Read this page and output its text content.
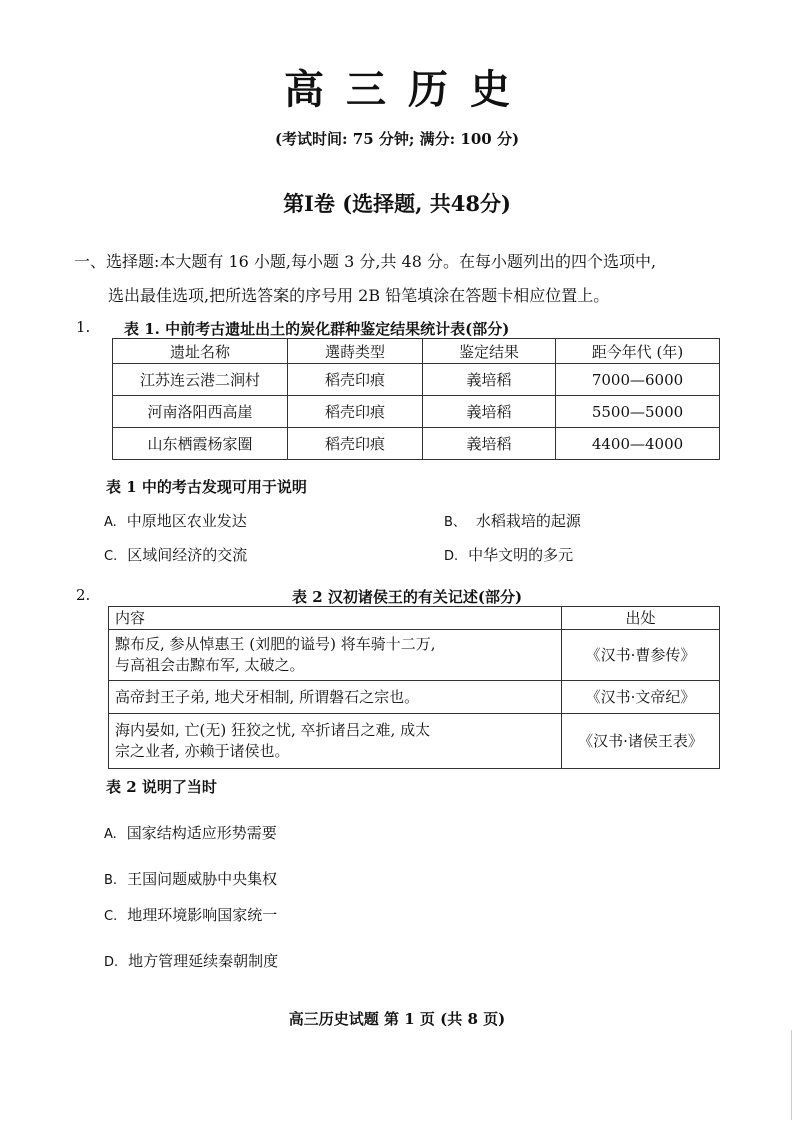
高三历史
(考试时间: 75 分钟; 满分: 100 分)
第I卷 (选择题, 共48分)
一、选择题:本大题有 16 小题,每小题 3 分,共 48 分。在每小题列出的四个选项中,
选出最佳选项,把所选答案的序号用 2B 铅笔填涂在答题卡相应位置上。
1. 表 1. 中前考古遗址出土的炭化群种鉴定结果统计表(部分)
遗址名称	選蒔类型	鉴定结果	距今年代 (年)
江苏连云港二涧村	稻壳印痕	義培稻	7000—6000
河南洛阳西高崖	稻壳印痕	義培稻	5500—5000
山东栖霞杨家圈	稻壳印痕	義培稻	4400—4000
表 1 中的考古发现可用于说明
A. 中原地区农业发达	B、 水稻栽培的起源
C. 区域间经济的交流	D. 中华文明的多元
2.	表 2 汉初诸侯王的有关记述(部分)
内容	出处

黥布反, 参从悼惠王 (刘肥的谥号) 将车骑十二万,
与高祖会击黥布军, 太破之。	《汉书·曹参传》

高帝封王子弟, 地犬牙相制, 所谓磐石之宗也。	《汉书·文帝纪》

海内晏如, 亡(无) 狂狡之忧, 卒折诸吕之难, 成太
宗之业者, 亦赖于诸侯也。	《汉书·诸侯王表》
表 2 说明了当时
A. 国家结构适应形势需要
B. 王国问题威胁中央集权
C. 地理环境影响国家统一
D. 地方管理延续秦朝制度
高三历史试题 第 1 页 (共 8 页)
